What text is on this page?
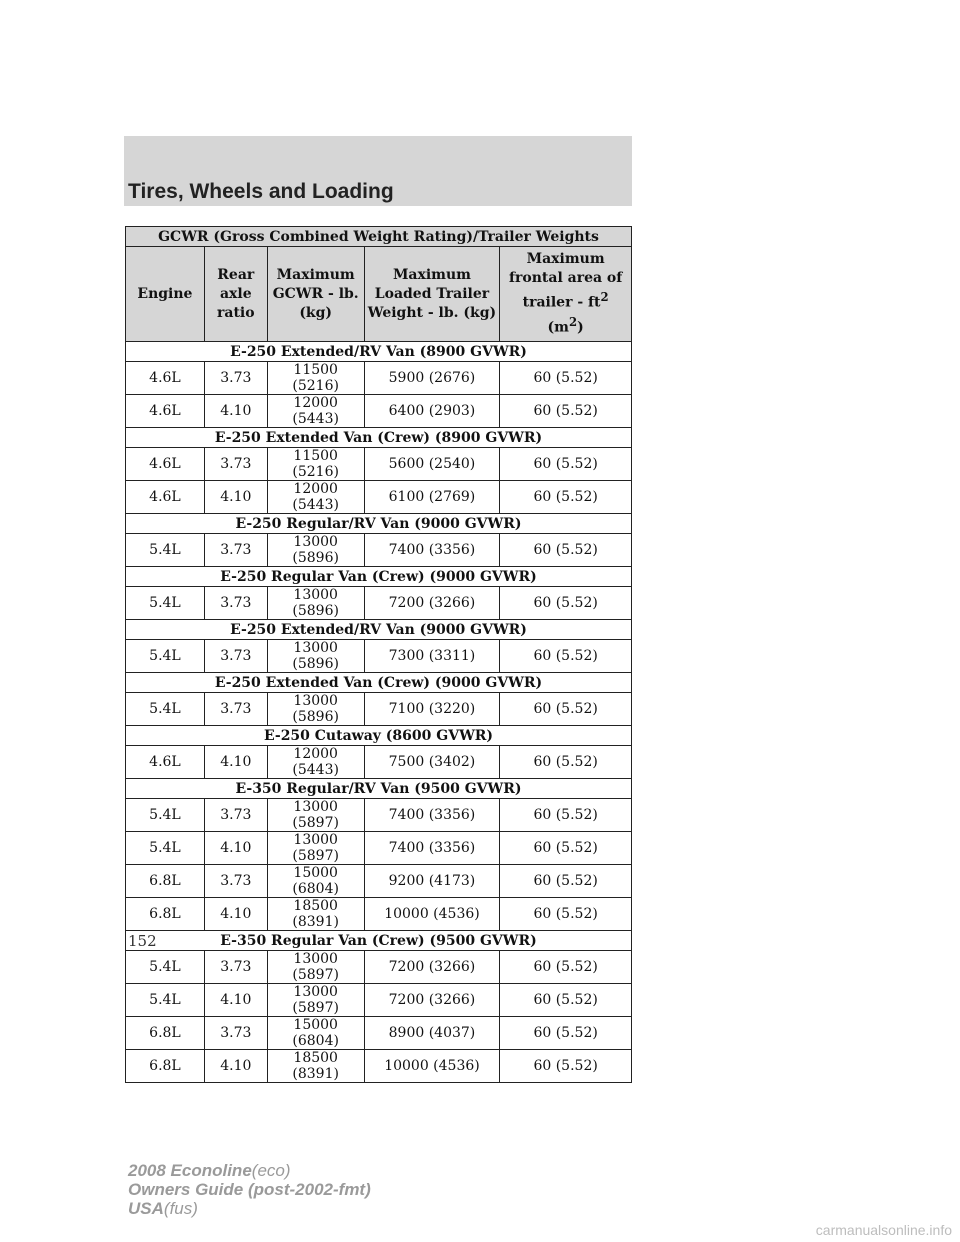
Tires, Wheels and Loading
GCWR (Gross Combined Weight Rating)/Trailer Weights				
Engine	Rear axle ratio	Maximum GCWR - lb. (kg)	Maximum Loaded Trailer Weight - lb. (kg)	Maximum frontal area of trailer - $ft^2$
$(m^2)$
E-250 Extended/RV Van (8900 GVWR)				
4.6L	3.73	11500 (5216)	5900 (2676)	60 (5.52)
4.6L	4.10	12000 (5443)	6400 (2903)	60 (5.52)
E-250 Extended Van (Crew) (8900 GVWR)				
4.6L	3.73	11500 (5216)	5600 (2540)	60 (5.52)
4.6L	4.10	12000 (5443)	6100 (2769)	60 (5.52)
E-250 Regular/RV Van (9000 GVWR)				
5.4L	3.73	13000 (5896)	7400 (3356)	60 (5.52)
E-250 Regular Van (Crew) (9000 GVWR)				
5.4L	3.73	13000 (5896)	7200 (3266)	60 (5.52)
E-250 Extended/RV Van (9000 GVWR)				
5.4L	3.73	13000 (5896)	7300 (3311)	60 (5.52)
E-250 Extended Van (Crew) (9000 GVWR)				
5.4L	3.73	13000 (5896)	7100 (3220)	60 (5.52)
E-250 Cutaway (8600 GVWR)				
4.6L	4.10	12000 (5443)	7500 (3402)	60 (5.52)
E-350 Regular/RV Van (9500 GVWR)				
5.4L	3.73	13000 (5897)	7400 (3356)	60 (5.52)
5.4L	4.10	13000 (5897)	7400 (3356)	60 (5.52)
6.8L	3.73	15000 (6804)	9200 (4173)	60 (5.52)
6.8L	4.10	18500 (8391)	10000 (4536)	60 (5.52)
E-350 Regular Van (Crew) (9500 GVWR)				
5.4L	3.73	13000 (5897)	7200 (3266)	60 (5.52)
5.4L	4.10	13000 (5897)	7200 (3266)	60 (5.52)
6.8L	3.73	15000 (6804)	8900 (4037)	60 (5.52)
6.8L	4.10	18500 (8391)	10000 (4536)	60 (5.52)
152
2008 Econoline(eco)
Owners Guide (post-2002-fmt)
USA(fus)
carmanualsonline.info
